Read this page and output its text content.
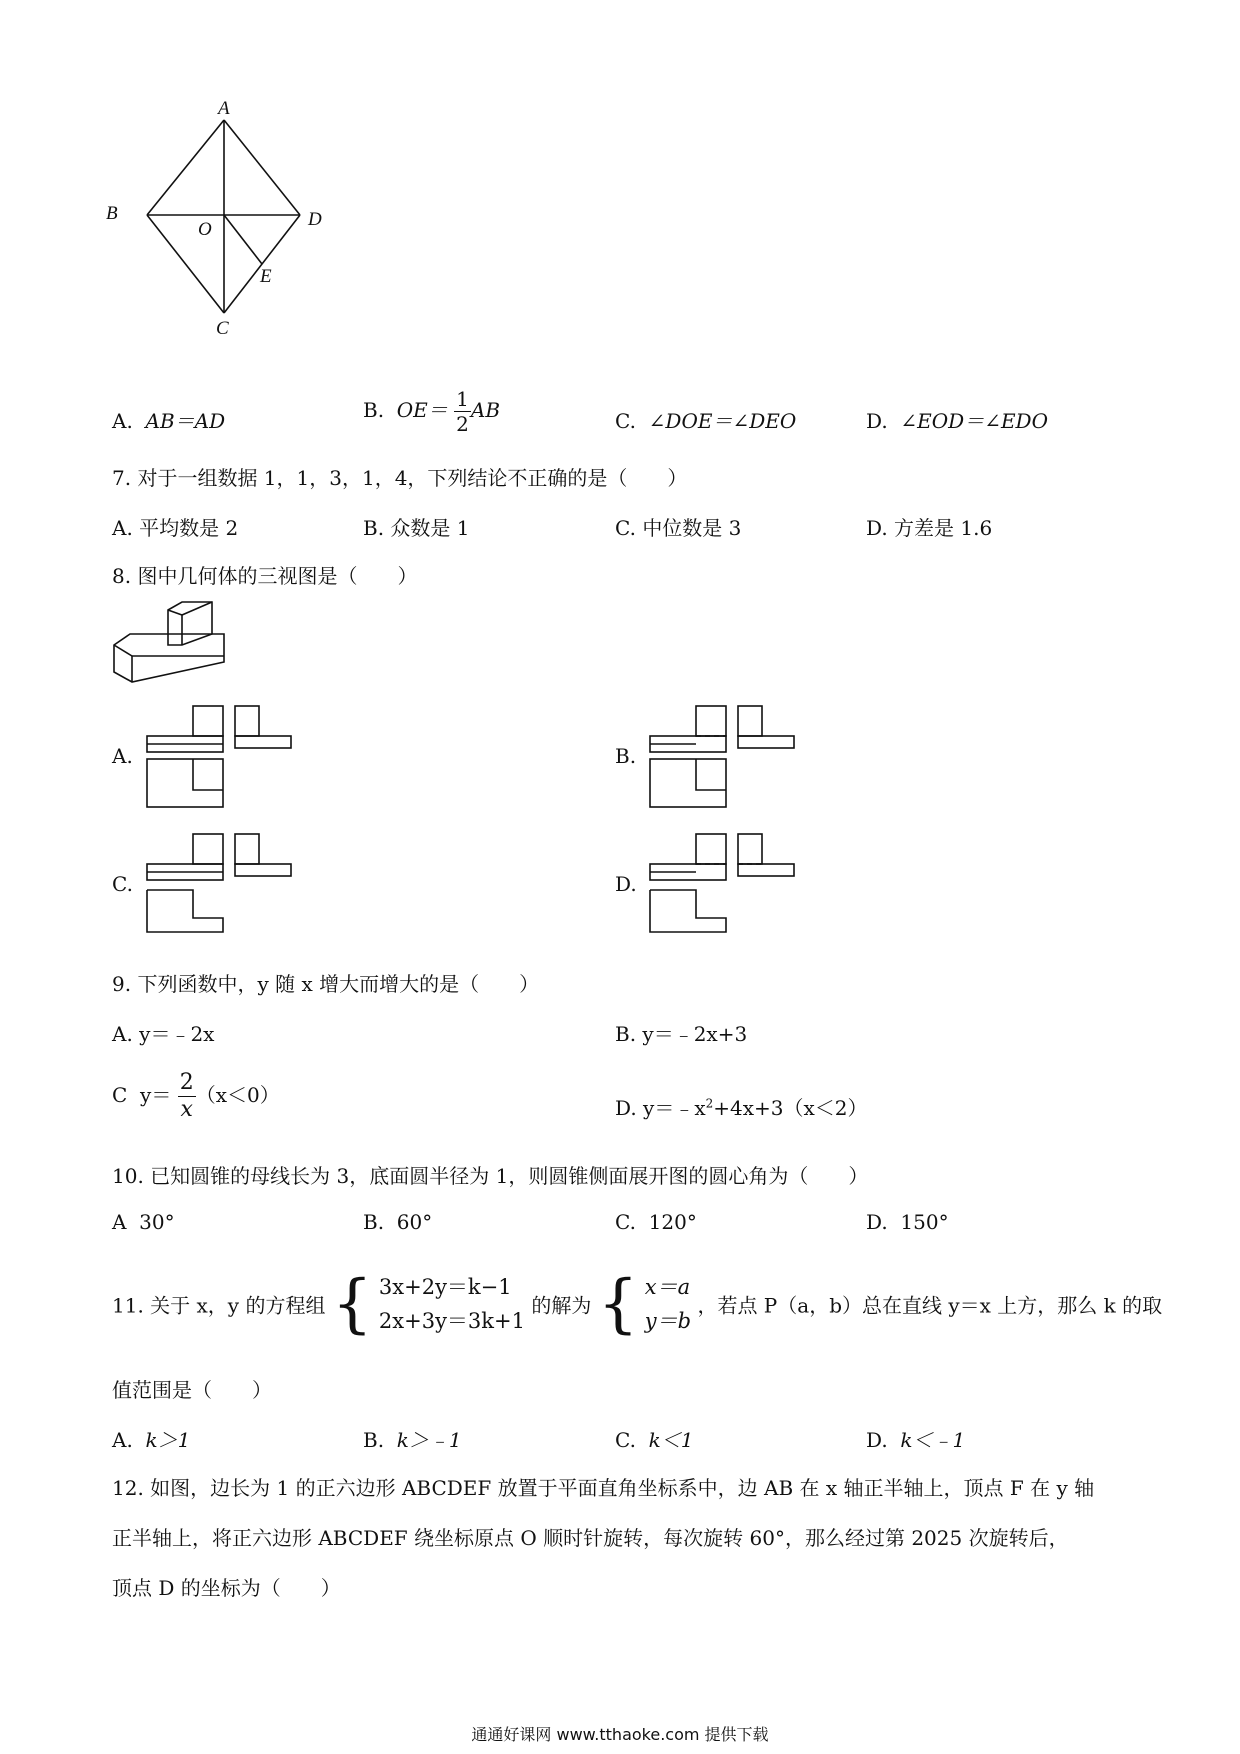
A
B	D
O
E
C
A. AB＝AD	B. $OE= \frac{1}{2}$ AB	C. ∠DOE＝∠DEO	D. ∠EOD＝∠EDO
7. 对于一组数据 1，1，3，1，4，下列结论不正确的是（　　）
A. 平均数是 2	B. 众数是 1	C. 中位数是 3	D. 方差是 1.6
8. 图中几何体的三视图是（　　）
A.	B.
C.	D.
9. 下列函数中，y 随 x 增大而增大的是（　　）
A. y＝﹣2x	B. y＝﹣2x+3
C $y= \frac{2}{x} (x<0)$
D. $y=﹣x^2+4x+3(x<2)$
10. 已知圆锥的母线长为 3，底面圆半径为 1，则圆锥侧面展开图的圆心角为（　　）
A 30°	B. 60°	C. 120°	D. 150°
11. 关于 x，y 的方程组 { 3x+2y＝k−1
2x+3y＝3k+1
的解为 { x＝a
y＝b
，若点 P（a，b）总在直线 y＝x 上方，那么 k 的取
值范围是（　　）
A. k＞1	B. k＞﹣1	C. k＜1	D. k＜﹣1
12. 如图，边长为 1 的正六边形 ABCDEF 放置于平面直角坐标系中，边 AB 在 x 轴正半轴上，顶点 F 在 y 轴
正半轴上，将正六边形 ABCDEF 绕坐标原点 O 顺时针旋转，每次旋转 60°，那么经过第 2025 次旋转后，
顶点 D 的坐标为（　　）
通通好课网 www.tthaoke.com 提供下载
